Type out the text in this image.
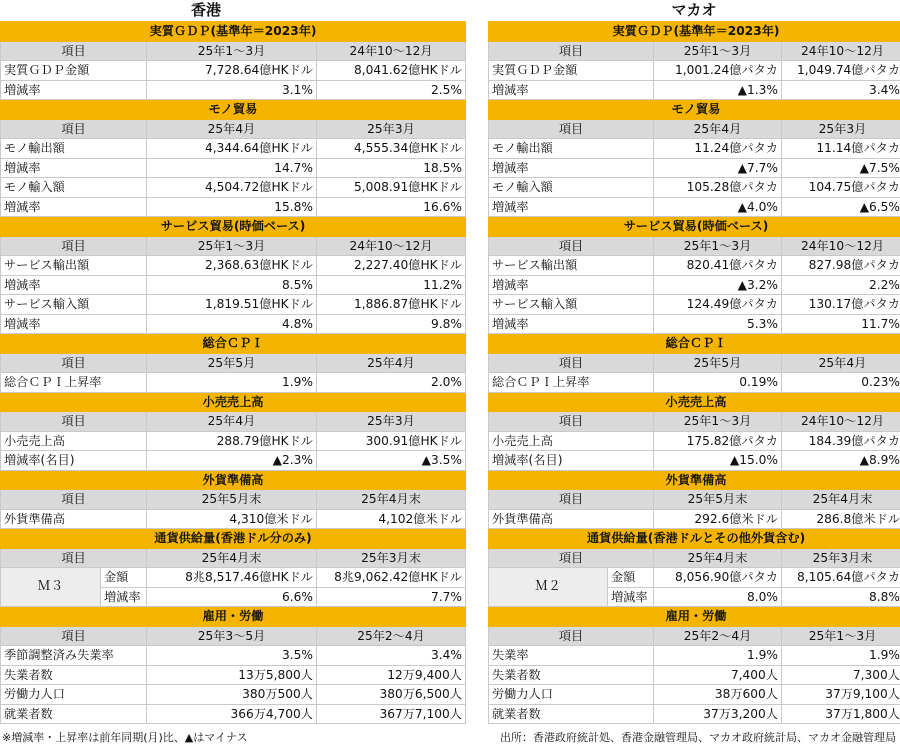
香港
実質ＧＤＰ(基準年＝2023年)			
項目		25年1～3月	24年10～12月
実質ＧＤＰ金額		7,728.64億HKドル	8,041.62億HKドル
増減率		3.1%	2.5%
モノ貿易			
項目		25年4月	25年3月
モノ輸出額		4,344.64億HKドル	4,555.34億HKドル
増減率		14.7%	18.5%
モノ輸入額		4,504.72億HKドル	5,008.91億HKドル
増減率		15.8%	16.6%
サービス貿易(時価ベース)			
項目		25年1～3月	24年10～12月
サービス輸出額		2,368.63億HKドル	2,227.40億HKドル
増減率		8.5%	11.2%
サービス輸入額		1,819.51億HKドル	1,886.87億HKドル
増減率		4.8%	9.8%
総合ＣＰＩ			
項目		25年5月	25年4月
総合ＣＰＩ上昇率		1.9%	2.0%
小売売上高			
項目		25年4月	25年3月
小売売上高		288.79億HKドル	300.91億HKドル
増減率(名目)		▲2.3%	▲3.5%
外貨準備高			
項目		25年5月末	25年4月末
外貨準備高		4,310億米ドル	4,102億米ドル
通貨供給量(香港ドル分のみ)			
項目		25年4月末	25年3月末
Ｍ３	金額	8兆8,517.46億HKドル	8兆9,062.42億HKドル
	増減率	6.6%	7.7%
雇用・労働			
項目		25年3～5月	25年2～4月
季節調整済み失業率		3.5%	3.4%
失業者数		13万5,800人	12万9,400人
労働力人口		380万500人	380万6,500人
就業者数		366万4,700人	367万7,100人
マカオ
実質ＧＤＰ(基準年＝2023年)			
項目		25年1～3月	24年10～12月
実質ＧＤＰ金額		1,001.24億パタカ	1,049.74億パタカ
増減率		▲1.3%	3.4%
モノ貿易			
項目		25年4月	25年3月
モノ輸出額		11.24億パタカ	11.14億パタカ
増減率		▲7.7%	▲7.5%
モノ輸入額		105.28億パタカ	104.75億パタカ
増減率		▲4.0%	▲6.5%
サービス貿易(時価ベース)			
項目		25年1～3月	24年10～12月
サービス輸出額		820.41億パタカ	827.98億パタカ
増減率		▲3.2%	2.2%
サービス輸入額		124.49億パタカ	130.17億パタカ
増減率		5.3%	11.7%
総合ＣＰＩ			
項目		25年5月	25年4月
総合ＣＰＩ上昇率		0.19%	0.23%
小売売上高			
項目		25年1～3月	24年10～12月
小売売上高		175.82億パタカ	184.39億パタカ
増減率(名目)		▲15.0%	▲8.9%
外貨準備高			
項目		25年5月末	25年4月末
外貨準備高		292.6億米ドル	286.8億米ドル
通貨供給量(香港ドルとその他外貨含む)			
項目		25年4月末	25年3月末
Ｍ２	金額	8,056.90億パタカ	8,105.64億パタカ
	増減率	8.0%	8.8%
雇用・労働			
項目		25年2～4月	25年1～3月
失業率		1.9%	1.9%
失業者数		7,400人	7,300人
労働力人口		38万600人	37万9,100人
就業者数		37万3,200人	37万1,800人
※増減率・上昇率は前年同期(月)比、▲はマイナス	出所：香港政府統計処、香港金融管理局、マカオ政府統計局、マカオ金融管理局
